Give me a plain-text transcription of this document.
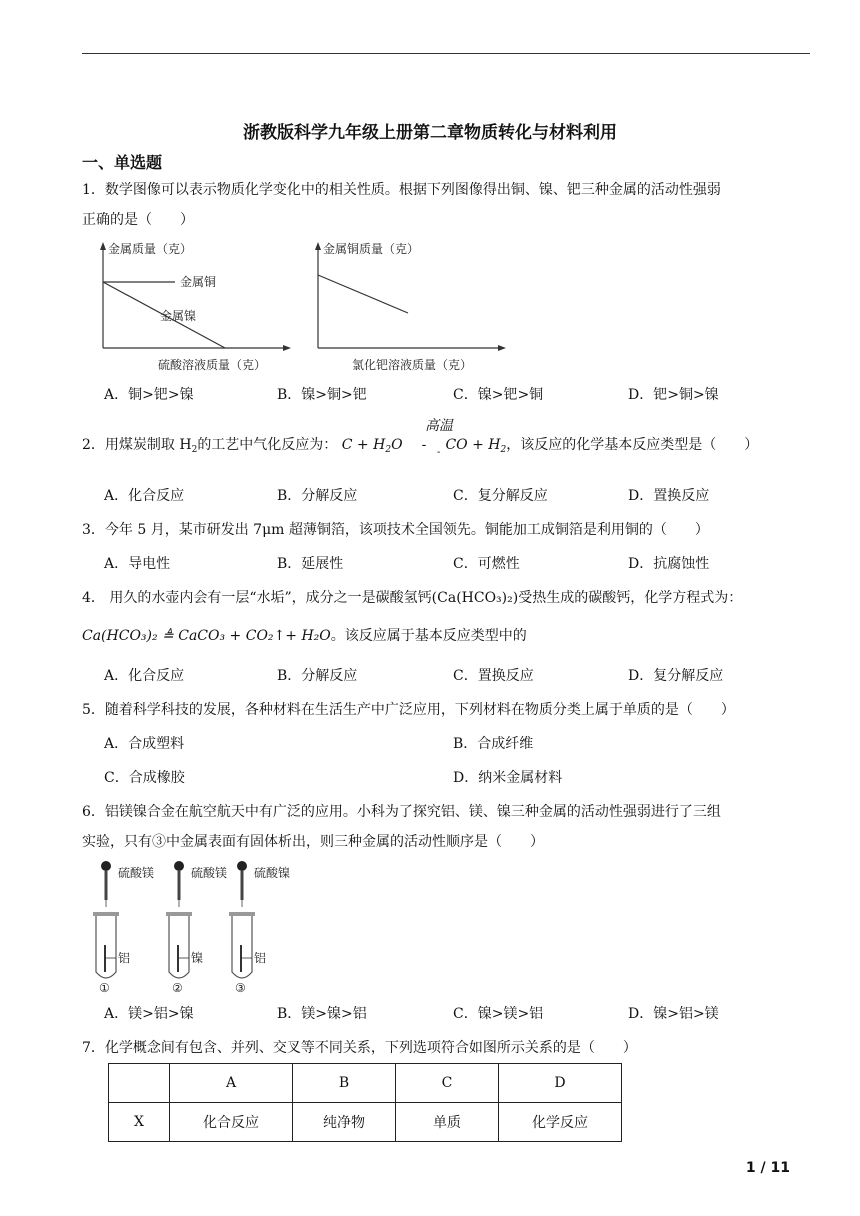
浙教版科学九年级上册第二章物质转化与材料利用
一、单选题
1．数学图像可以表示物质化学变化中的相关性质。根据下列图像得出铜、镍、钯三种金属的活动性强弱
正确的是（　　）
金属质量（克）
金属铜
金属镍
硫酸溶液质量（克）
金属铜质量（克）
氯化钯溶液质量（克）
A．铜>钯>镍	B．镍>铜>钯	C．镍>钯>铜	D．钯>铜>镍
高温
2．用煤炭制取 $H_2$的工艺中气化反应为： $C + H_2O$ - CO + $H_2$，该反应的化学基本反应类型是（　　）
-
A．化合反应	B．分解反应	C．复分解反应	D．置换反应
3．今年 5 月，某市研发出 7μm 超薄铜箔，该项技术全国领先。铜能加工成铜箔是利用铜的（　　）
A．导电性	B．延展性	C．可燃性	D．抗腐蚀性
4． 用久的水壶内会有一层“水垢”，成分之一是碳酸氢钙(Ca(HCO₃)₂)受热生成的碳酸钙，化学方程式为：
Ca(HCO₃)₂ ≜ CaCO₃ + CO₂↑+ H₂O。该反应属于基本反应类型中的
A．化合反应	B．分解反应	C．置换反应	D．复分解反应
5．随着科学科技的发展，各种材料在生活生产中广泛应用，下列材料在物质分类上属于单质的是（　　）
A．合成塑料	B．合成纤维
C．合成橡胶	D．纳米金属材料
6．铝镁镍合金在航空航天中有广泛的应用。小科为了探究铝、镁、镍三种金属的活动性强弱进行了三组
实验，只有③中金属表面有固体析出，则三种金属的活动性顺序是（　　）
硫酸镁
铝
①
硫酸镁
镍
②
硫酸镍
铝
③
A．镁>铝>镍	B．镁>镍>铝	C．镍>镁>铝	D．镍>铝>镁
7．化学概念间有包含、并列、交叉等不同关系，下列选项符合如图所示关系的是（　　）
	A	B	C	D
X	化合反应	纯净物	单质	化学反应
1 / 11
